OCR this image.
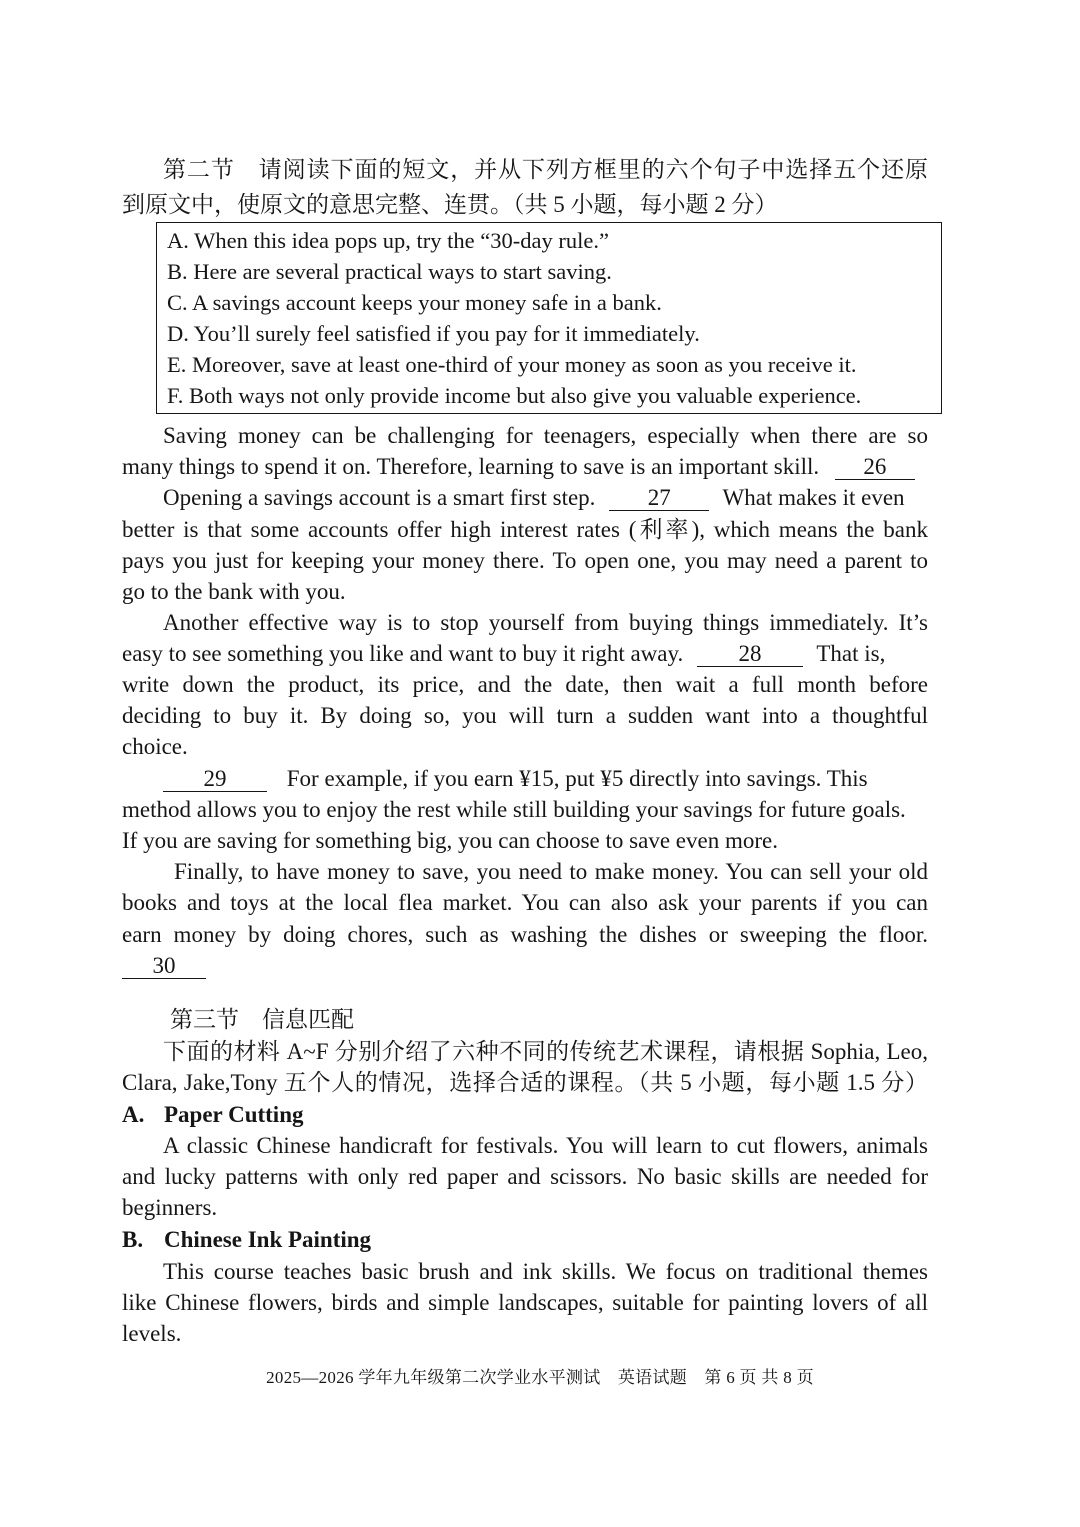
第二节　请阅读下面的短文，并从下列方框里的六个句子中选择五个还原
到原文中，使原文的意思完整、连贯。（共 5 小题，每小题 2 分）
A. When this idea pops up, try the “30-day rule.”
B. Here are several practical ways to start saving.
C. A savings account keeps your money safe in a bank.
D. You’ll surely feel satisfied if you pay for it immediately.
E. Moreover, save at least one-third of your money as soon as you receive it.
F. Both ways not only provide income but also give you valuable experience.
Saving money can be challenging for teenagers, especially when there are so
many things to spend it on. Therefore, learning to save is an important skill. 26
Opening a savings account is a smart first step. 27 What makes it even
better is that some accounts offer high interest rates (利率), which means the bank
pays you just for keeping your money there. To open one, you may need a parent to
go to the bank with you.
Another effective way is to stop yourself from buying things immediately. It’s
easy to see something you like and want to buy it right away. 28 That is,
write down the product, its price, and the date, then wait a full month before
deciding to buy it. By doing so, you will turn a sudden want into a thoughtful
choice.
29	For example, if you earn ¥15, put ¥5 directly into savings. This
method allows you to enjoy the rest while still building your savings for future goals.
If you are saving for something big, you can choose to save even more.
Finally, to have money to save, you need to make money. You can sell your old
books and toys at the local flea market. You can also ask your parents if you can
earn money by doing chores, such as washing the dishes or sweeping the floor.
30
第三节　信息匹配
下面的材料 A~F 分别介绍了六种不同的传统艺术课程，请根据 Sophia, Leo,
Clara, Jake,Tony 五个人的情况，选择合适的课程。（共 5 小题，每小题 1.5 分）
A. Paper Cutting
A classic Chinese handicraft for festivals. You will learn to cut flowers, animals
and lucky patterns with only red paper and scissors. No basic skills are needed for
beginners.
B. Chinese Ink Painting
This course teaches basic brush and ink skills. We focus on traditional themes
like Chinese flowers, birds and simple landscapes, suitable for painting lovers of all
levels.
2025—2026 学年九年级第二次学业水平测试　英语试题　第 6 页 共 8 页
